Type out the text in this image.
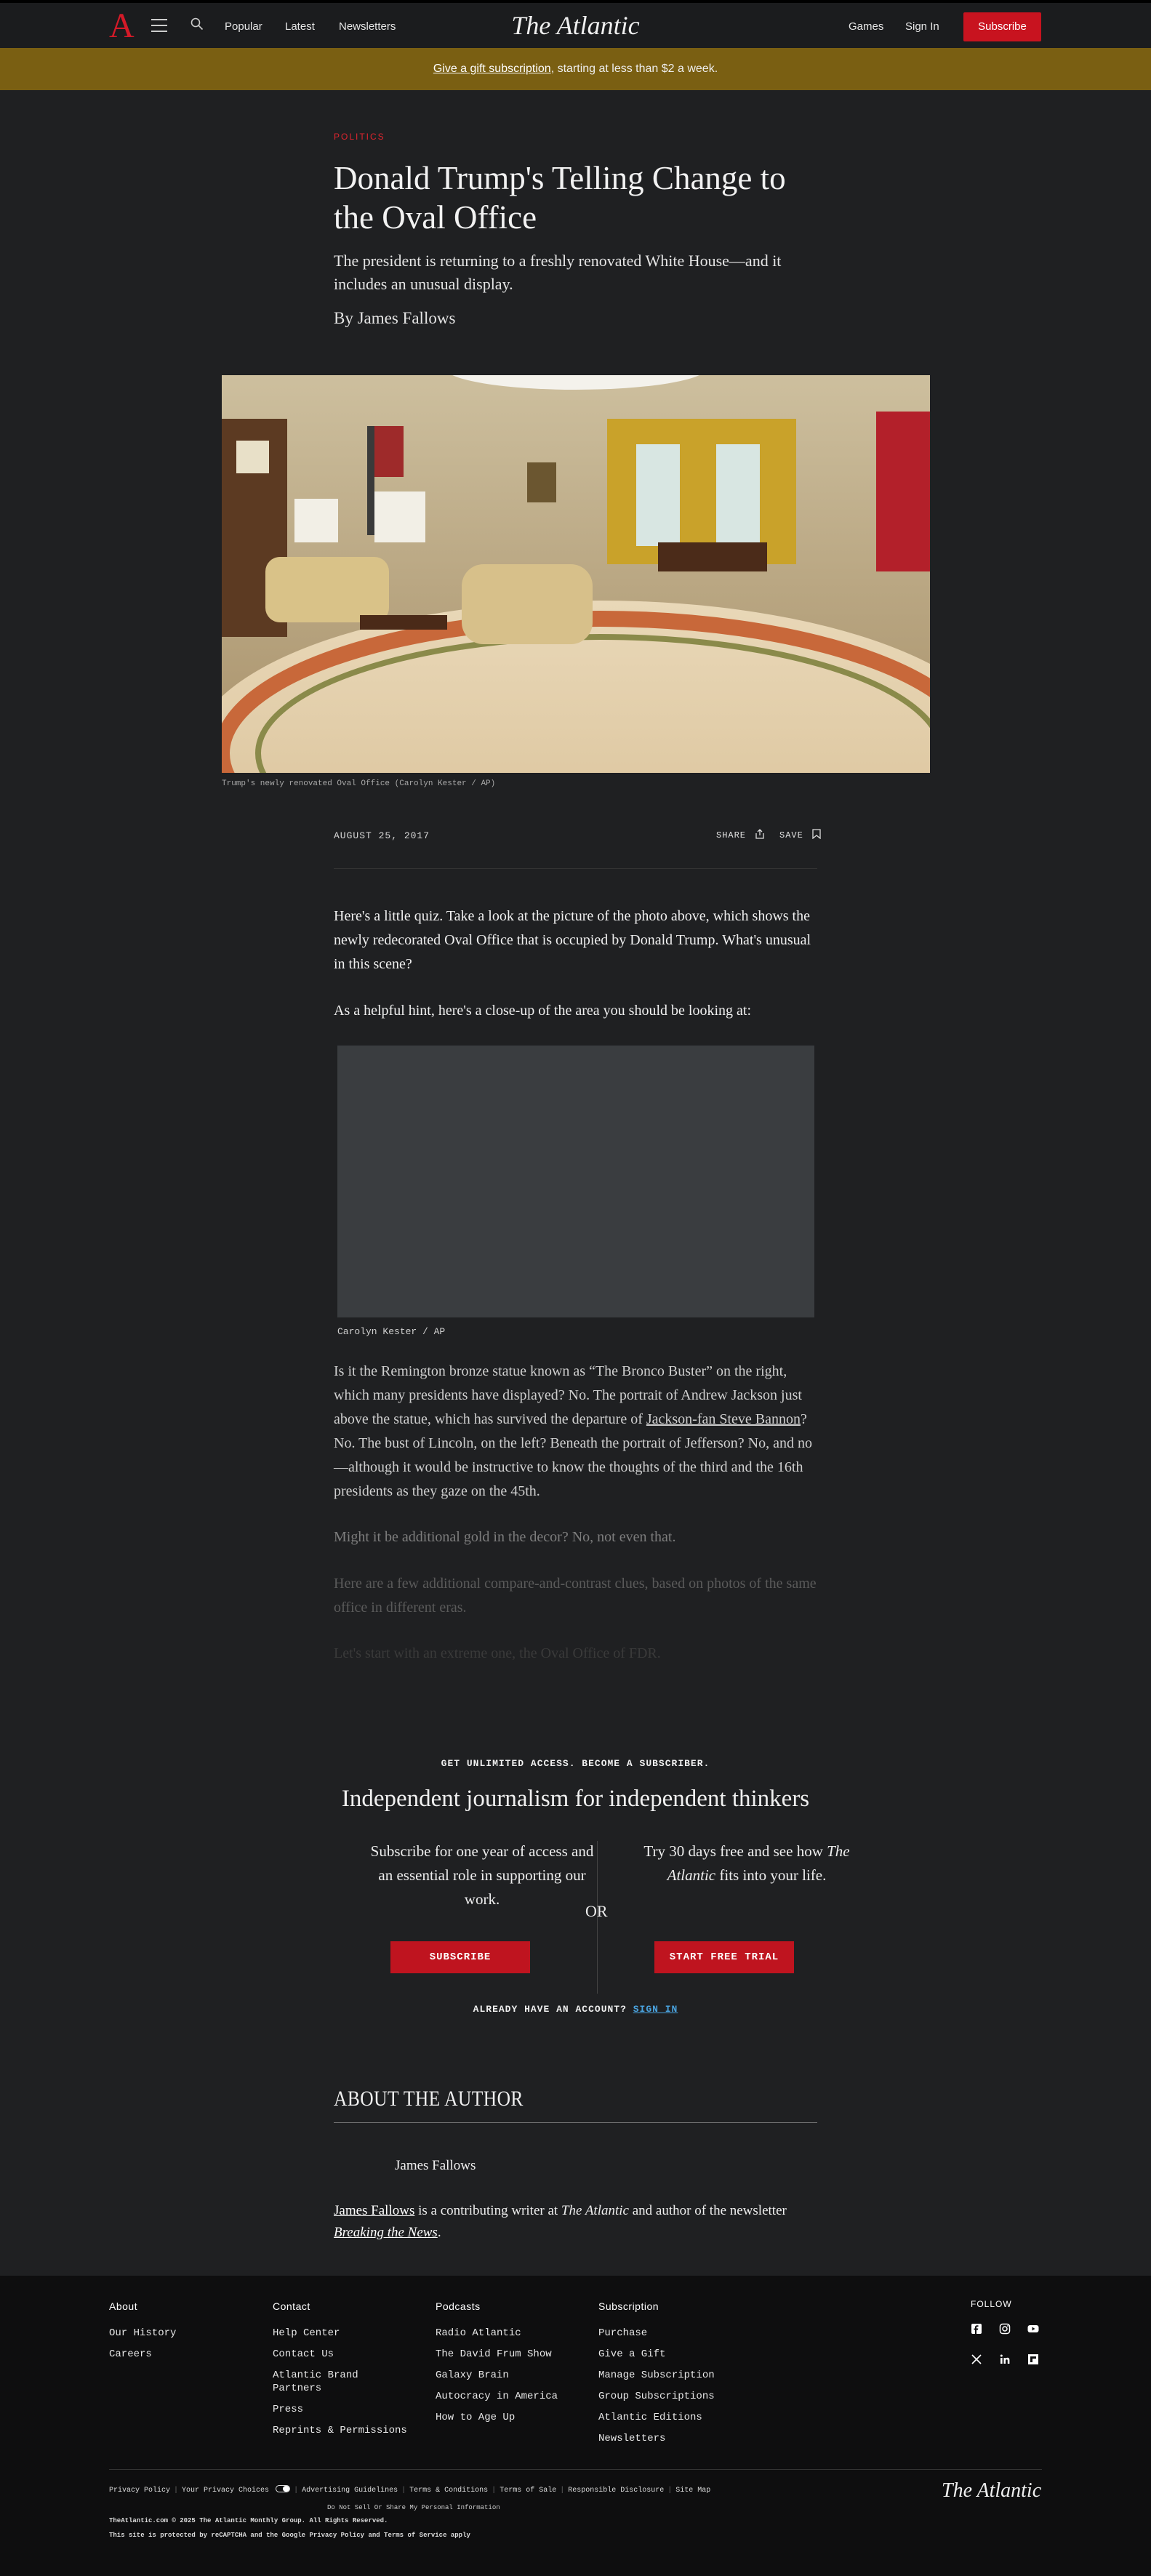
A	Popular Latest Newsletters	The Atlantic	Games Sign In	Subscribe
Give a gift subscription, starting at less than $2 a week.
POLITICS
Donald Trump's Telling Change to the Oval Office
The president is returning to a freshly renovated White House—and it includes an unusual display.
By James Fallows
Trump's newly renovated Oval Office (Carolyn Kester / AP)
AUGUST 25, 2017	SHARE	SAVE
Here's a little quiz. Take a look at the picture of the photo above, which shows the newly redecorated Oval Office that is occupied by Donald Trump. What's unusual in this scene?
As a helpful hint, here's a close-up of the area you should be looking at:
Carolyn Kester / AP
Is it the Remington bronze statue known as “The Bronco Buster” on the right, which many presidents have displayed? No. The portrait of Andrew Jackson just above the statue, which has survived the departure of Jackson-fan Steve Bannon? No. The bust of Lincoln, on the left? Beneath the portrait of Jefferson? No, and no—although it would be instructive to know the thoughts of the third and the 16th presidents as they gaze on the 45th.
Might it be additional gold in the decor? No, not even that.
Here are a few additional compare-and-contrast clues, based on photos of the same office in different eras.
Let's start with an extreme one, the Oval Office of FDR.
GET UNLIMITED ACCESS. BECOME A SUBSCRIBER.
Independent journalism for independent thinkers
Subscribe for one year of access and an essential role in supporting our work.
Try 30 days free and see how The Atlantic fits into your life.
OR
SUBSCRIBE	START FREE TRIAL
ALREADY HAVE AN ACCOUNT? SIGN IN
ABOUT THE AUTHOR
James Fallows
James Fallows is a contributing writer at The Atlantic and author of the newsletter Breaking the News.
About
Our History
Careers
Contact
Help Center
Contact Us
Atlantic Brand Partners
Press
Reprints & Permissions
Podcasts
Radio Atlantic
The David Frum Show
Galaxy Brain
Autocracy in America
How to Age Up
Subscription
Purchase
Give a Gift
Manage Subscription
Group Subscriptions
Atlantic Editions
Newsletters
FOLLOW
Privacy Policy | Your Privacy Choices	| Advertising Guidelines | Terms & Conditions | Terms of Sale | Responsible Disclosure | Site Map
Do Not Sell Or Share My Personal Information
TheAtlantic.com © 2025 The Atlantic Monthly Group. All Rights Reserved.
This site is protected by reCAPTCHA and the Google Privacy Policy and Terms of Service apply
The Atlantic
